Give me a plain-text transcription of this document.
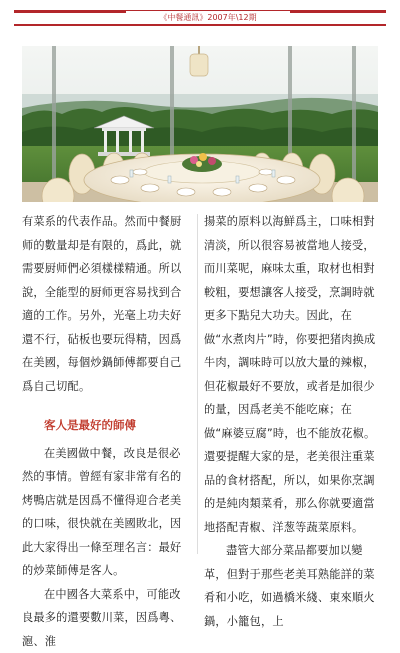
《中餐通訊》2007年\12期

有菜系的代表作品。然而中餐厨师的數量却是有限的，爲此，就需要厨师們必須樣樣精通。所以說，全能型的厨师更容易找到合適的工作。另外，光毫上功夫好還不行，砧板也要玩得精，因爲在美國，每個炒鍋師傅都要自己爲自己切配。

客人是最好的師傅

在美國做中餐，改良是很必然的事情。曾經有家非常有名的烤鴨店就是因爲不懂得迎合老美的口味，很快就在美國敗北，因此大家得出一條至理名言：最好的炒菜師傅是客人。

在中國各大菜系中，可能改良最多的還要數川菜，因爲粵、滬、淮

揚菜的原料以海鮮爲主，口味相對清淡，所以很容易被當地人接受，而川菜呢，麻味太重，取材也相對較粗，要想讓客人接受，烹調時就更多下點兒大功夫。因此，在做“水煮肉片”時，你要把猪肉换成牛肉，調味時可以放大量的辣椒，但花椒最好不要放，或者是加很少的量，因爲老美不能吃麻；在做“麻婆豆腐”時，也不能放花椒。還要提醒大家的是，老美很注重菜品的食材搭配，所以，如果你烹調的是純肉類菜肴，那么你就要適當地搭配青椒、洋葱等蔬菜原料。

盡管大部分菜品都要加以變革，但對于那些老美耳熟能詳的菜肴和小吃，如過橋米綫、東來順火鍋，小籠包，上
